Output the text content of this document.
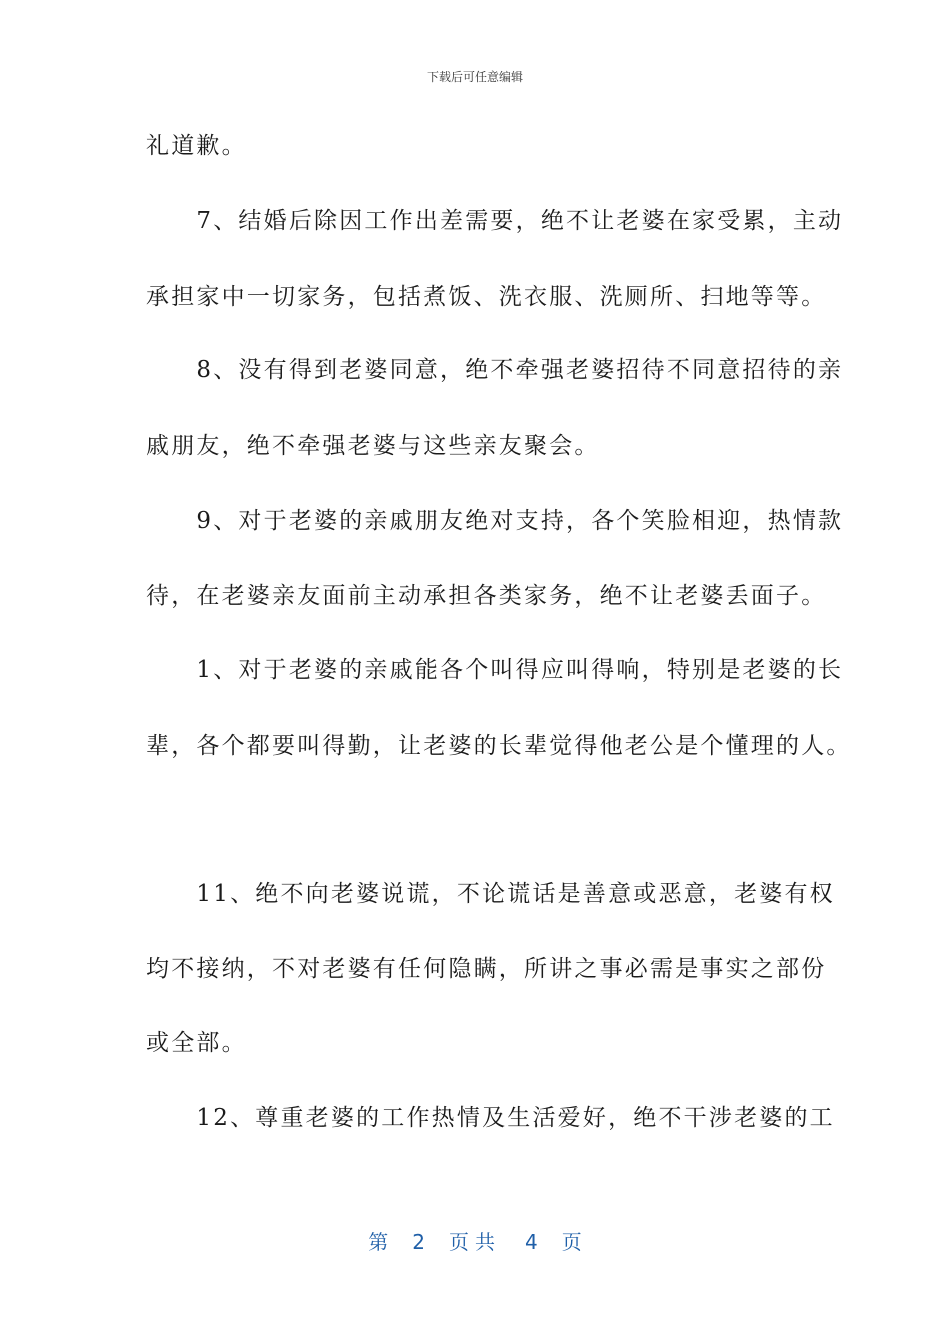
下载后可任意编辑
礼道歉。
　　7、结婚后除因工作出差需要，绝不让老婆在家受累，主动
承担家中一切家务，包括煮饭、洗衣服、洗厕所、扫地等等。
　　8、没有得到老婆同意，绝不牵强老婆招待不同意招待的亲
戚朋友，绝不牵强老婆与这些亲友聚会。
　　9、对于老婆的亲戚朋友绝对支持，各个笑脸相迎，热情款
待，在老婆亲友面前主动承担各类家务，绝不让老婆丢面子。
　　1、对于老婆的亲戚能各个叫得应叫得响，特别是老婆的长
辈，各个都要叫得勤，让老婆的长辈觉得他老公是个懂理的人。
　　11、绝不向老婆说谎，不论谎话是善意或恶意，老婆有权
均不接纳，不对老婆有任何隐瞒，所讲之事必需是事实之部份
或全部。
　　12、尊重老婆的工作热情及生活爱好，绝不干涉老婆的工
第 2 页共 4 页
